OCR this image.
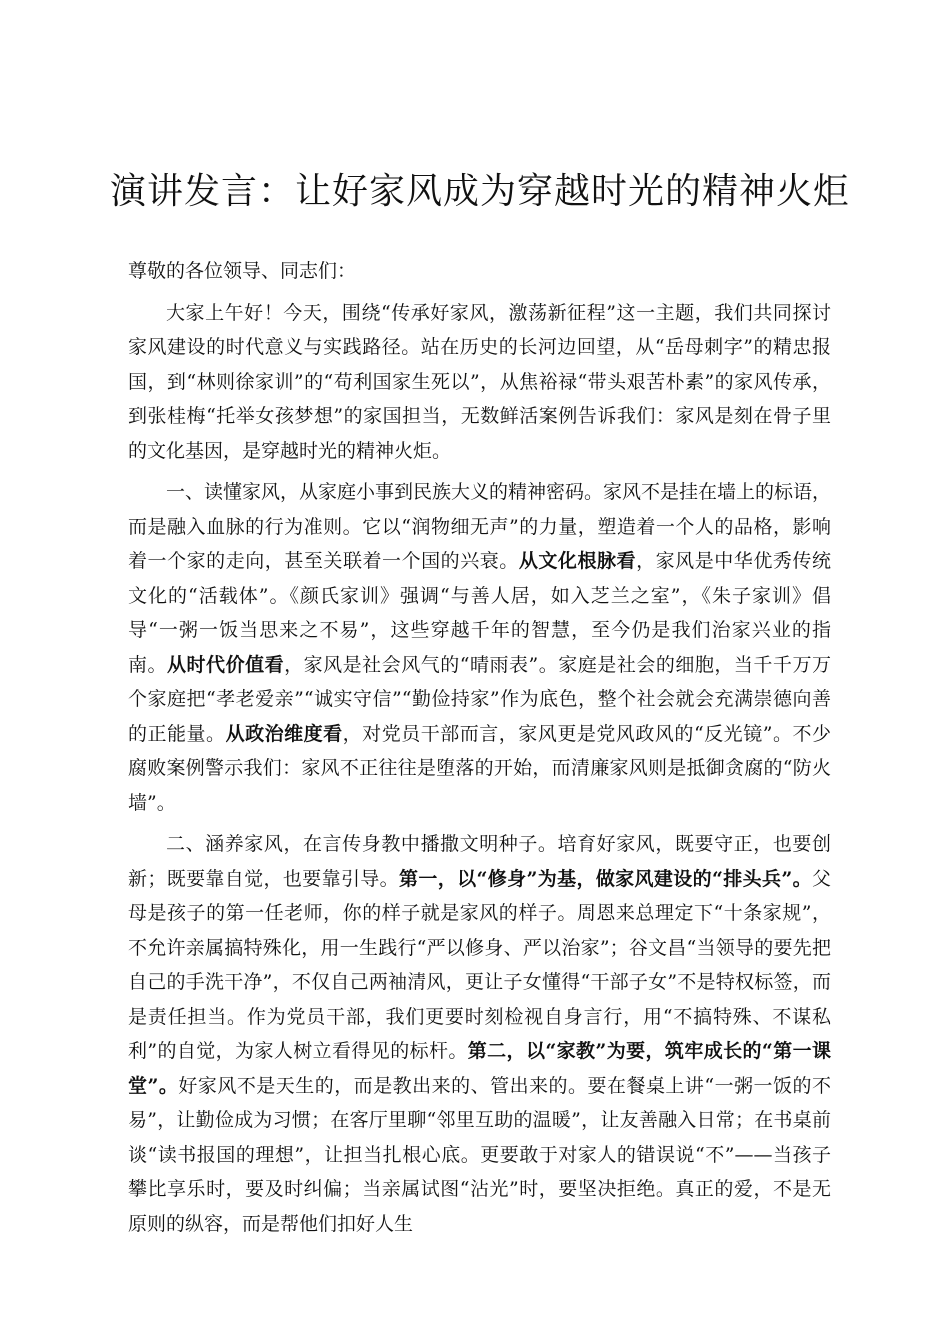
演讲发言：让好家风成为穿越时光的精神火炬

尊敬的各位领导、同志们：

大家上午好！今天，围绕“传承好家风，激荡新征程”这一主题，我们共同探讨家风建设的时代意义与实践路径。站在历史的长河边回望，从“岳母刺字”的精忠报国，到“林则徐家训”的“苟利国家生死以”，从焦裕禄“带头艰苦朴素”的家风传承，到张桂梅“托举女孩梦想”的家国担当，无数鲜活案例告诉我们：家风是刻在骨子里的文化基因，是穿越时光的精神火炬。

一、读懂家风，从家庭小事到民族大义的精神密码。家风不是挂在墙上的标语，而是融入血脉的行为准则。它以“润物细无声”的力量，塑造着一个人的品格，影响着一个家的走向，甚至关联着一个国的兴衰。从文化根脉看，家风是中华优秀传统文化的“活载体”。《颜氏家训》强调“与善人居，如入芝兰之室”，《朱子家训》倡导“一粥一饭当思来之不易”，这些穿越千年的智慧，至今仍是我们治家兴业的指南。从时代价值看，家风是社会风气的“晴雨表”。家庭是社会的细胞，当千千万万个家庭把“孝老爱亲”“诚实守信”“勤俭持家”作为底色，整个社会就会充满崇德向善的正能量。从政治维度看，对党员干部而言，家风更是党风政风的“反光镜”。不少腐败案例警示我们：家风不正往往是堕落的开始，而清廉家风则是抵御贪腐的“防火墙”。

二、涵养家风，在言传身教中播撒文明种子。培育好家风，既要守正，也要创新；既要靠自觉，也要靠引导。第一，以“修身”为基，做家风建设的“排头兵”。父母是孩子的第一任老师，你的样子就是家风的样子。周恩来总理定下“十条家规”，不允许亲属搞特殊化，用一生践行“严以修身、严以治家”；谷文昌“当领导的要先把自己的手洗干净”，不仅自己两袖清风，更让子女懂得“干部子女”不是特权标签，而是责任担当。作为党员干部，我们更要时刻检视自身言行，用“不搞特殊、不谋私利”的自觉，为家人树立看得见的标杆。第二，以“家教”为要，筑牢成长的“第一课堂”。好家风不是天生的，而是教出来的、管出来的。要在餐桌上讲“一粥一饭的不易”，让勤俭成为习惯；在客厅里聊“邻里互助的温暖”，让友善融入日常；在书桌前谈“读书报国的理想”，让担当扎根心底。更要敢于对家人的错误说“不”——当孩子攀比享乐时，要及时纠偏；当亲属试图“沾光”时，要坚决拒绝。真正的爱，不是无原则的纵容，而是帮他们扣好人生
